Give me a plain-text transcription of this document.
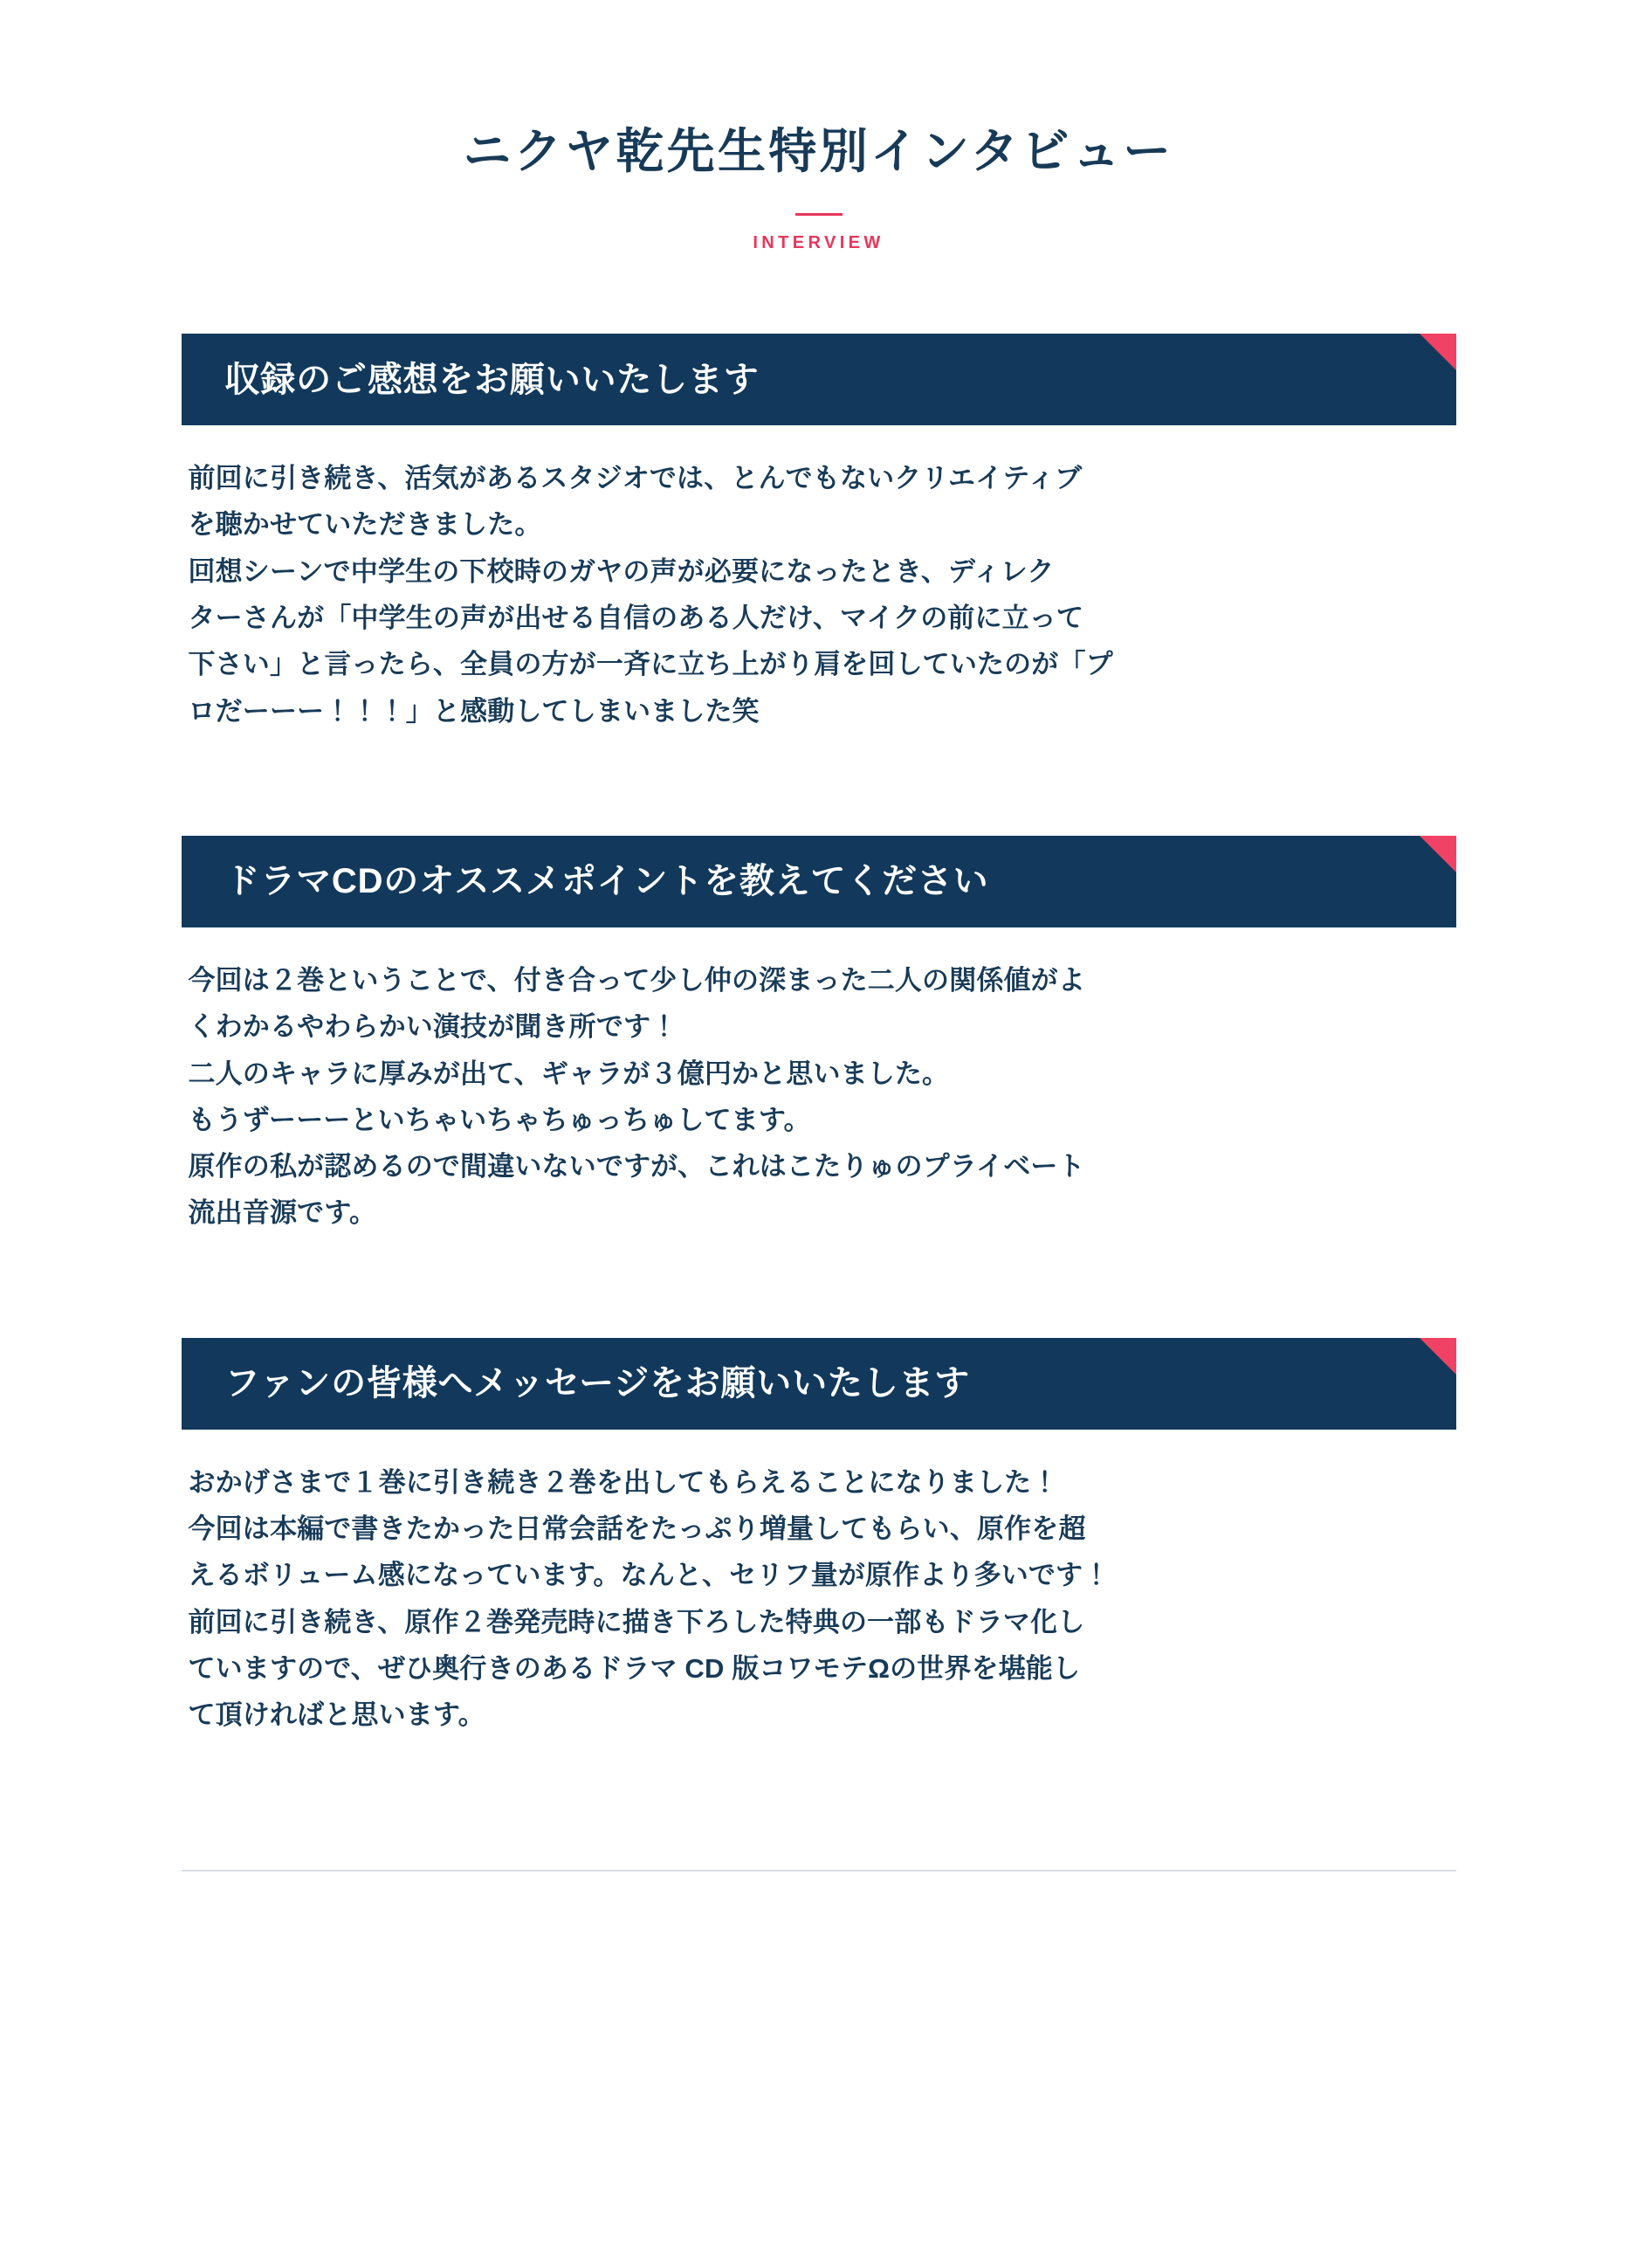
ニクヤ乾先生特別インタビュー

INTERVIEW

収録のご感想をお願いいたします

前回に引き続き、活気があるスタジオでは、とんでもないクリエイティブ

を聴かせていただきました。

回想シーンで中学生の下校時のガヤの声が必要になったとき、ディレク

ターさんが「中学生の声が出せる自信のある人だけ、マイクの前に立って

下さい」と言ったら、全員の方が一斉に立ち上がり肩を回していたのが「プ

ロだーーー！！！」と感動してしまいました笑

ドラマCDのオススメポイントを教えてください

今回は２巻ということで、付き合って少し仲の深まった二人の関係値がよ

くわかるやわらかい演技が聞き所です！

二人のキャラに厚みが出て、ギャラが３億円かと思いました。

もうずーーーといちゃいちゃちゅっちゅしてます。

原作の私が認めるので間違いないですが、これはこたりゅのプライベート

流出音源です。

ファンの皆様へメッセージをお願いいたします

おかげさまで１巻に引き続き２巻を出してもらえることになりました！

今回は本編で書きたかった日常会話をたっぷり増量してもらい、原作を超

えるボリューム感になっています。なんと、セリフ量が原作より多いです！

前回に引き続き、原作２巻発売時に描き下ろした特典の一部もドラマ化し

ていますので、ぜひ奥行きのあるドラマ CD 版コワモテΩの世界を堪能し

て頂ければと思います。
